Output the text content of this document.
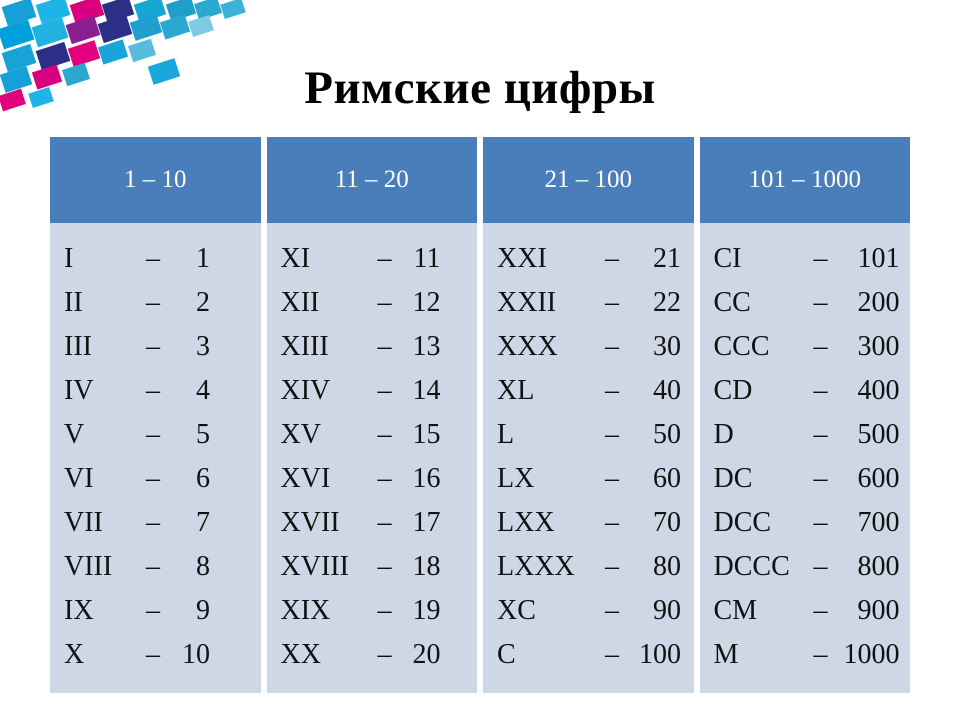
Римские цифры
1 – 10	11 – 20	21 – 100	101 – 1000

I	– 1
II – 2
III – 3
IV – 4
V – 5
VI – 6
VII – 7
VIII – 8
IX – 9
X – 10

XI – 11
XII – 12
XIII – 13
XIV – 14
XV – 15
XVI – 16
XVII – 17
XVIII – 18
XIX – 19
XX – 20

XXI – 21
XXII – 22
XXX – 30
XL	– 40
L	– 50
LX	– 60
LXX – 70
LXXX – 80
XC – 90
C	– 100

CI	– 101
CC – 200
CCC – 300
CD – 400
D	– 500
DC – 600
DCC – 700
DCCC – 800
CM – 900
M	– 1000
